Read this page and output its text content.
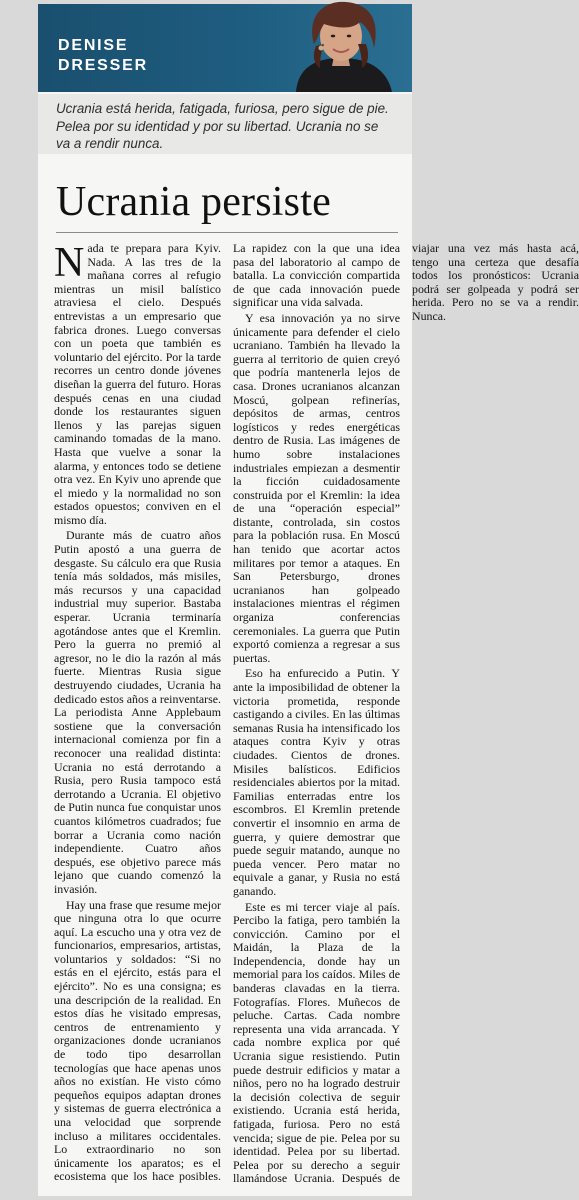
DENISE
DRESSER
Ucrania está herida, fatigada, furiosa, pero sigue de pie. Pelea por su identidad y por su libertad. Ucrania no se va a rendir nunca.
Ucrania persiste

Nada te prepara para Kyiv. Nada. A las tres de la mañana corres al refugio mientras un misil balístico atraviesa el cielo. Después entrevistas a un empresario que fabrica drones. Luego conversas con un poeta que también es voluntario del ejército. Por la tarde recorres un centro donde jóvenes diseñan la guerra del futuro. Horas después cenas en una ciudad donde los restaurantes siguen llenos y las parejas siguen caminando tomadas de la mano. Hasta que vuelve a sonar la alarma, y entonces todo se detiene otra vez. En Kyiv uno aprende que el miedo y la normalidad no son estados opuestos; conviven en el mismo día.

Durante más de cuatro años Putin apostó a una guerra de desgaste. Su cálculo era que Rusia tenía más soldados, más misiles, más recursos y una capacidad industrial muy superior. Bastaba esperar. Ucrania terminaría agotándose antes que el Kremlin. Pero la guerra no premió al agresor, no le dio la razón al más fuerte. Mientras Rusia sigue destruyendo ciudades, Ucrania ha dedicado estos años a reinventarse. La periodista Anne Applebaum sostiene que la conversación internacional comienza por fin a reconocer una realidad distinta: Ucrania no está derrotando a Rusia, pero Rusia tampoco está derrotando a Ucrania. El objetivo de Putin nunca fue conquistar unos cuantos kilómetros cuadrados; fue borrar a Ucrania como nación independiente. Cuatro años después, ese objetivo parece más lejano que cuando comenzó la invasión.

Hay una frase que resume mejor que ninguna otra lo que ocurre aquí. La escucho una y otra vez de funcionarios, empresarios, artistas, voluntarios y soldados: “Si no estás en el ejército, estás para el ejército”. No es una consigna; es una descripción de la realidad. En estos días he visitado empresas, centros de entrenamiento y organizaciones donde ucranianos de todo tipo desarrollan tecnologías que hace apenas unos años no existían. He visto cómo pequeños equipos adaptan drones y sistemas de guerra electrónica a una velocidad que sorprende incluso a militares occidentales. Lo extraordinario no son únicamente los aparatos; es el ecosistema que los hace posibles. La rapidez con la que una idea pasa del laboratorio al campo de batalla. La convicción compartida de que cada innovación puede significar una vida salvada.

Y esa innovación ya no sirve únicamente para defender el cielo ucraniano. También ha llevado la guerra al territorio de quien creyó que podría mantenerla lejos de casa. Drones ucranianos alcanzan Moscú, golpean refinerías, depósitos de armas, centros logísticos y redes energéticas dentro de Rusia. Las imágenes de humo sobre instalaciones industriales empiezan a desmentir la ficción cuidadosamente construida por el Kremlin: la idea de una “operación especial” distante, controlada, sin costos para la población rusa. En Moscú han tenido que acortar actos militares por temor a ataques. En San Petersburgo, drones ucranianos han golpeado instalaciones mientras el régimen organiza conferencias ceremoniales. La guerra que Putin exportó comienza a regresar a sus puertas.

Eso ha enfurecido a Putin. Y ante la imposibilidad de obtener la victoria prometida, responde castigando a civiles. En las últimas semanas Rusia ha intensificado los ataques contra Kyiv y otras ciudades. Cientos de drones. Misiles balísticos. Edificios residenciales abiertos por la mitad. Familias enterradas entre los escombros. El Kremlin pretende convertir el insomnio en arma de guerra, y quiere demostrar que puede seguir matando, aunque no pueda vencer. Pero matar no equivale a ganar, y Rusia no está ganando.

Este es mi tercer viaje al país. Percibo la fatiga, pero también la convicción. Camino por el Maidán, la Plaza de la Independencia, donde hay un memorial para los caídos. Miles de banderas clavadas en la tierra. Fotografías. Flores. Muñecos de peluche. Cartas. Cada nombre representa una vida arrancada. Y cada nombre explica por qué Ucrania sigue resistiendo. Putin puede destruir edificios y matar a niños, pero no ha logrado destruir la decisión colectiva de seguir existiendo. Ucrania está herida, fatigada, furiosa. Pero no está vencida; sigue de pie. Pelea por su identidad. Pelea por su libertad. Pelea por su derecho a seguir llamándose Ucrania. Después de viajar una vez más hasta acá, tengo una certeza que desafía todos los pronósticos: Ucrania podrá ser golpeada y podrá ser herida. Pero no se va a rendir. Nunca.
